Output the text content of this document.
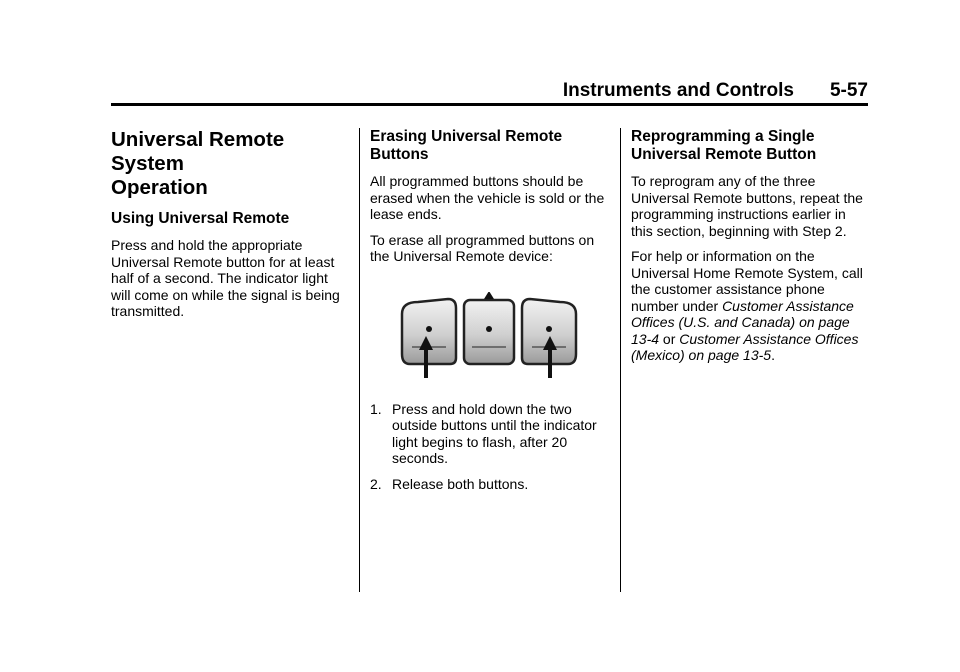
Instruments and Controls 5-57
Universal Remote System
Operation
Using Universal Remote

Press and hold the appropriate Universal Remote button for at least half of a second. The indicator light will come on while the signal is being transmitted.

Erasing Universal Remote
Buttons

All programmed buttons should be erased when the vehicle is sold or the lease ends.

To erase all programmed buttons on the Universal Remote device:

1. Press and hold down the two outside buttons until the indicator light begins to flash, after 20 seconds.
2. Release both buttons.
Reprogramming a Single
Universal Remote Button

To reprogram any of the three Universal Remote buttons, repeat the programming instructions earlier in this section, beginning with Step 2.

For help or information on the Universal Home Remote System, call the customer assistance phone number under Customer Assistance Offices (U.S. and Canada) on page 13-4 or Customer Assistance Offices (Mexico) on page 13-5.
